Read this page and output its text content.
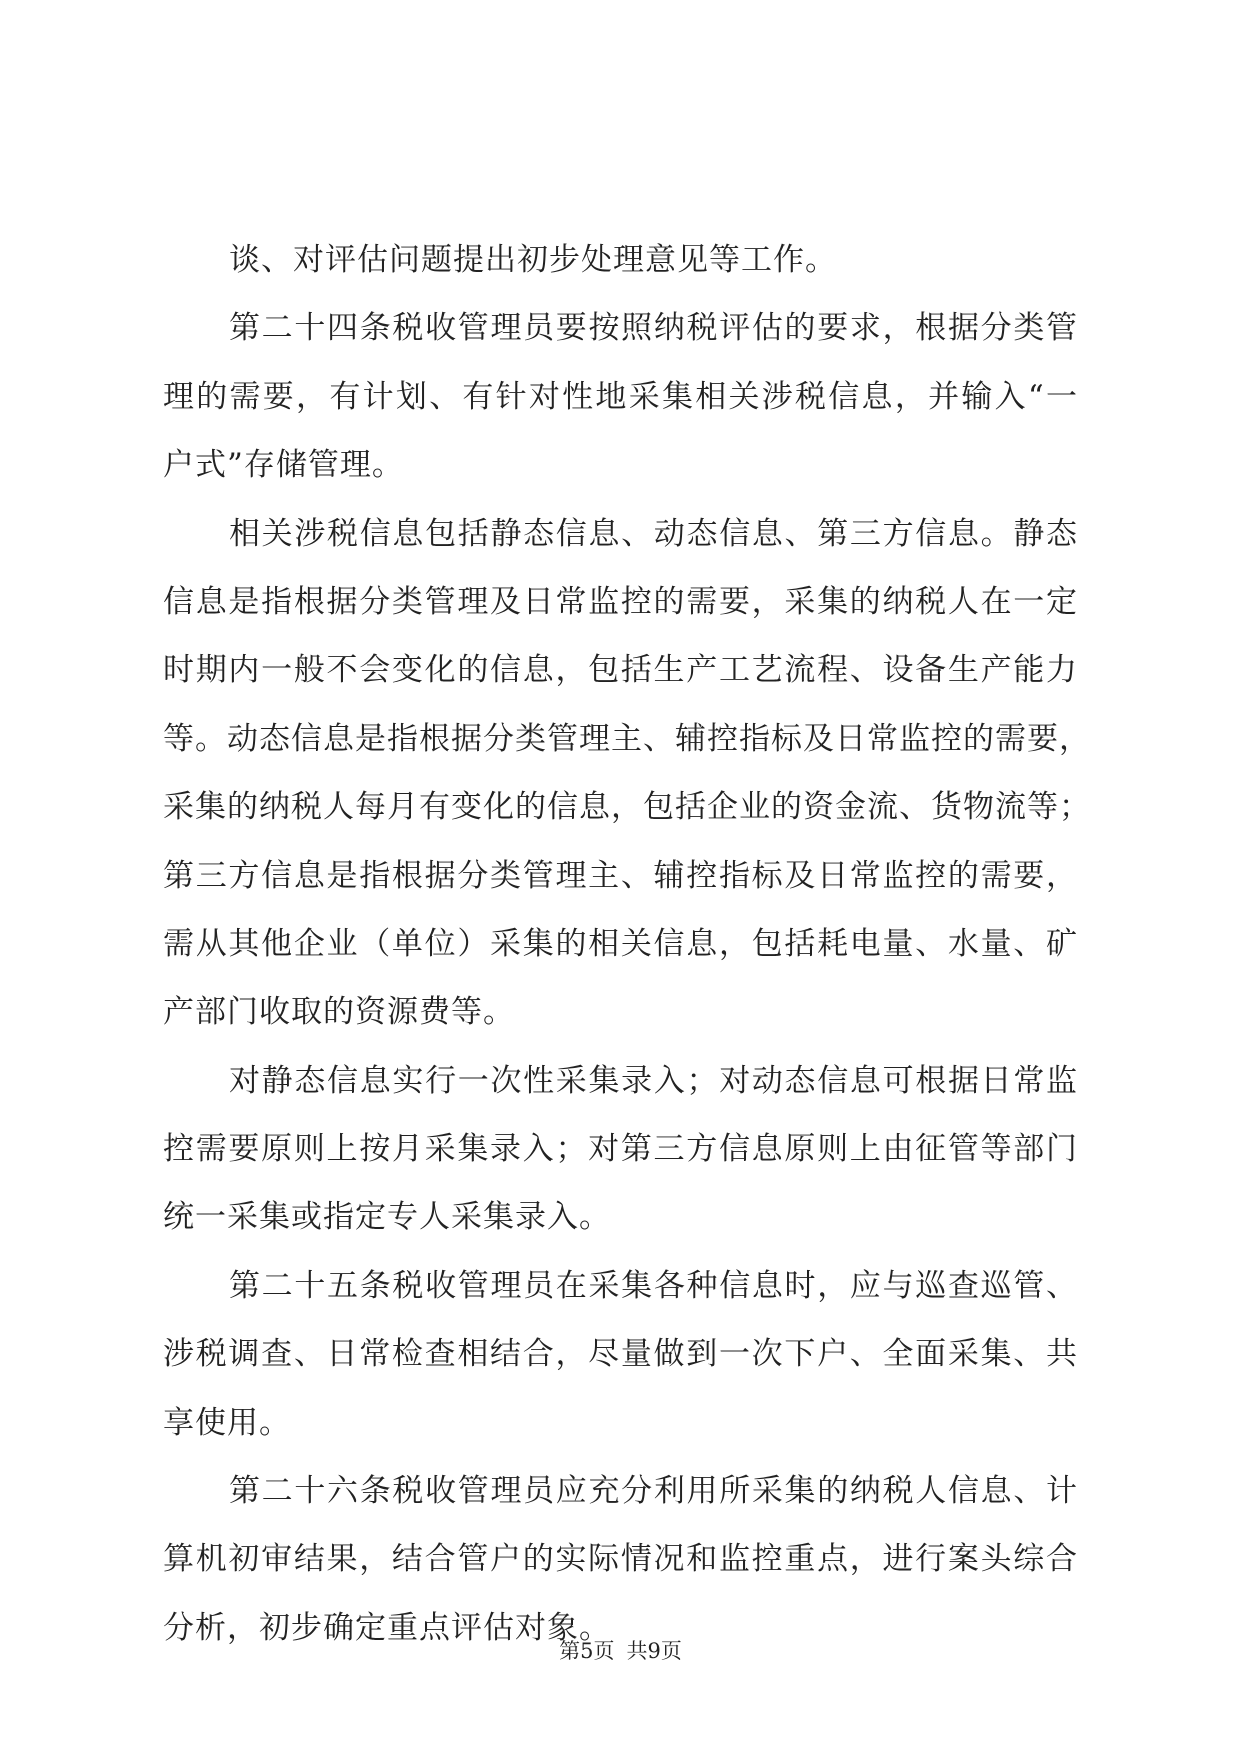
谈、对评估问题提出初步处理意见等工作。
第二十四条税收管理员要按照纳税评估的要求，根据分类管
理的需要，有计划、有针对性地采集相关涉税信息，并输入“一
户式”存储管理。
相关涉税信息包括静态信息、动态信息、第三方信息。静态
信息是指根据分类管理及日常监控的需要，采集的纳税人在一定
时期内一般不会变化的信息，包括生产工艺流程、设备生产能力
等。动态信息是指根据分类管理主、辅控指标及日常监控的需要，
采集的纳税人每月有变化的信息，包括企业的资金流、货物流等；
第三方信息是指根据分类管理主、辅控指标及日常监控的需要，
需从其他企业（单位）采集的相关信息，包括耗电量、水量、矿
产部门收取的资源费等。
对静态信息实行一次性采集录入；对动态信息可根据日常监
控需要原则上按月采集录入；对第三方信息原则上由征管等部门
统一采集或指定专人采集录入。
第二十五条税收管理员在采集各种信息时，应与巡查巡管、
涉税调查、日常检查相结合，尽量做到一次下户、全面采集、共
享使用。
第二十六条税收管理员应充分利用所采集的纳税人信息、计
算机初审结果，结合管户的实际情况和监控重点，进行案头综合
分析，初步确定重点评估对象。
第5页 共9页
